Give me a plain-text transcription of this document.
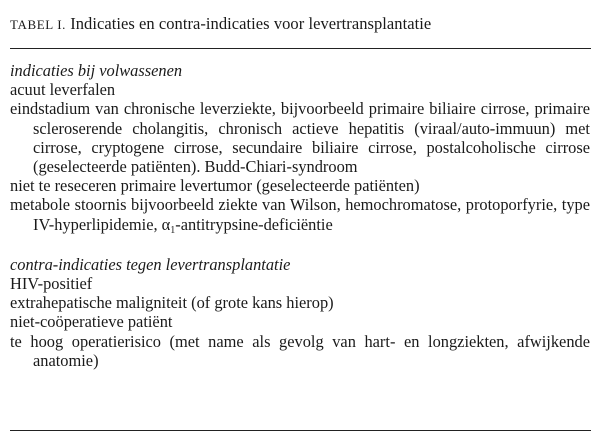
TABEL I. Indicaties en contra-indicaties voor levertransplantatie
indicaties bij volwassenen
acuut leverfalen
eindstadium van chronische leverziekte, bijvoorbeeld primaire biliaire cirrose, primaire scleroserende cholangitis, chronisch actieve hepatitis (viraal/auto-immuun) met cirrose, cryptogene cirrose, secundaire biliaire cirrose, postalcoholische cirrose (geselecteerde patiënten). Budd-Chiari-syndroom
niet te reseceren primaire levertumor (geselecteerde patiënten)
metabole stoornis bijvoorbeeld ziekte van Wilson, hemochromatose, protoporfyrie, type IV-hyperlipidemie, $\alpha_1-antitrypsine$-deficiëntie
contra-indicaties tegen levertransplantatie
HIV-positief
extrahepatische maligniteit (of grote kans hierop)
niet-coöperatieve patiënt
te hoog operatierisico (met name als gevolg van hart- en longziekten, afwijkende anatomie)
